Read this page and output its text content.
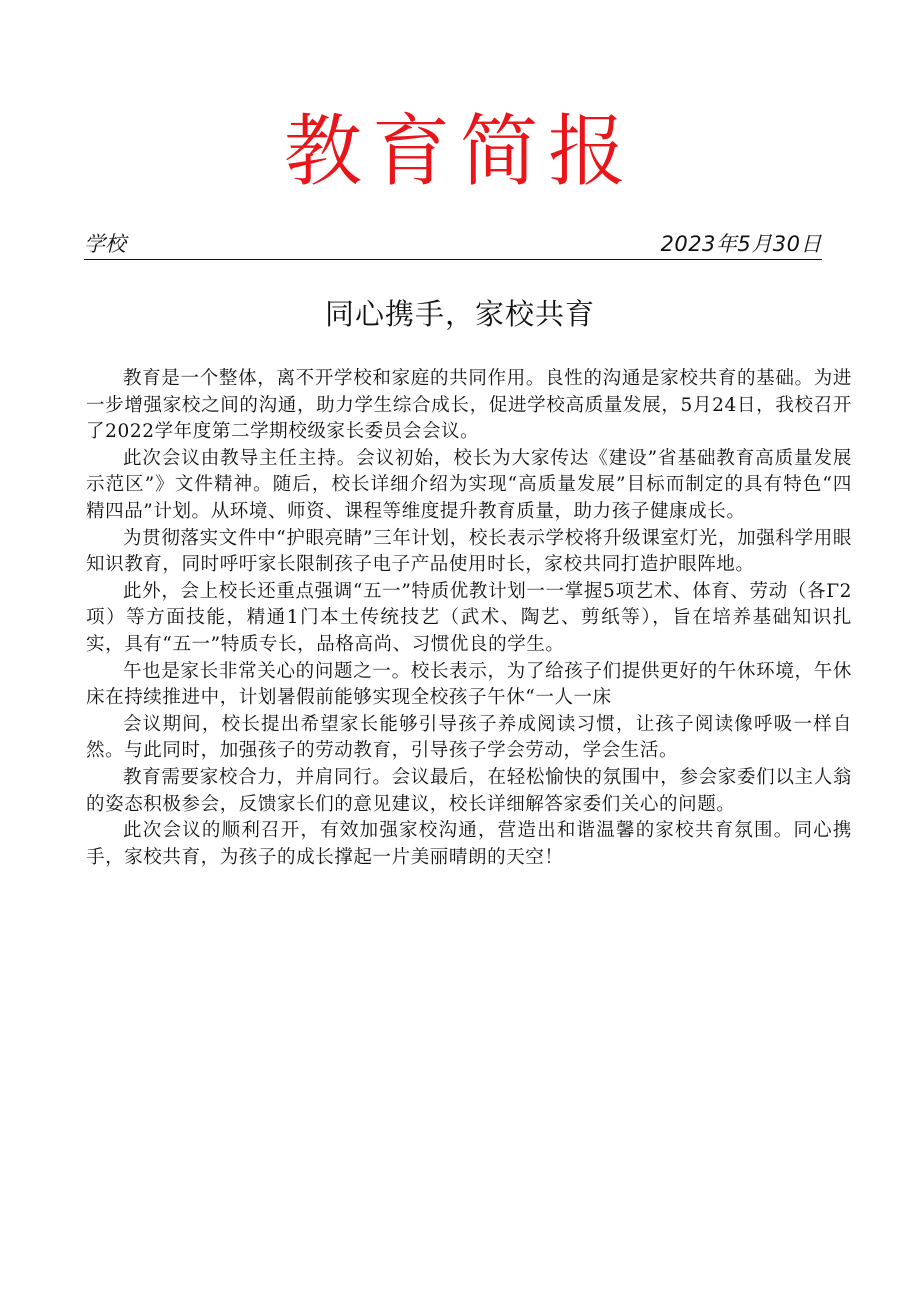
教育简报
学校	2023年5月30日
同心携手，家校共育

教育是一个整体，离不开学校和家庭的共同作用。良性的沟通是家校共育的基础。为进一步增强家校之间的沟通，助力学生综合成长，促进学校高质量发展，5月24日，我校召开了2022学年度第二学期校级家长委员会会议。

此次会议由教导主任主持。会议初始，校长为大家传达《建设”省基础教育高质量发展示范区”》文件精神。随后，校长详细介绍为实现“高质量发展”目标而制定的具有特色“四精四品”计划。从环境、师资、课程等维度提升教育质量，助力孩子健康成长。

为贯彻落实文件中“护眼亮睛”三年计划，校长表示学校将升级课室灯光，加强科学用眼知识教育，同时呼吁家长限制孩子电子产品使用时长，家校共同打造护眼阵地。

此外，会上校长还重点强调“五一”特质优教计划一一掌握5项艺术、体育、劳动（各Γ2项）等方面技能，精通1门本土传统技艺（武术、陶艺、剪纸等），旨在培养基础知识扎实，具有“五一”特质专长，品格高尚、习惯优良的学生。

午也是家长非常关心的问题之一。校长表示，为了给孩子们提供更好的午休环境，午休床在持续推进中，计划暑假前能够实现全校孩子午休“一人一床

会议期间，校长提出希望家长能够引导孩子养成阅读习惯，让孩子阅读像呼吸一样自然。与此同时，加强孩子的劳动教育，引导孩子学会劳动，学会生活。

教育需要家校合力，并肩同行。会议最后，在轻松愉快的氛围中，参会家委们以主人翁的姿态积极参会，反馈家长们的意见建议，校长详细解答家委们关心的问题。

此次会议的顺利召开，有效加强家校沟通，营造出和谐温馨的家校共育氛围。同心携手，家校共育，为孩子的成长撑起一片美丽晴朗的天空！
